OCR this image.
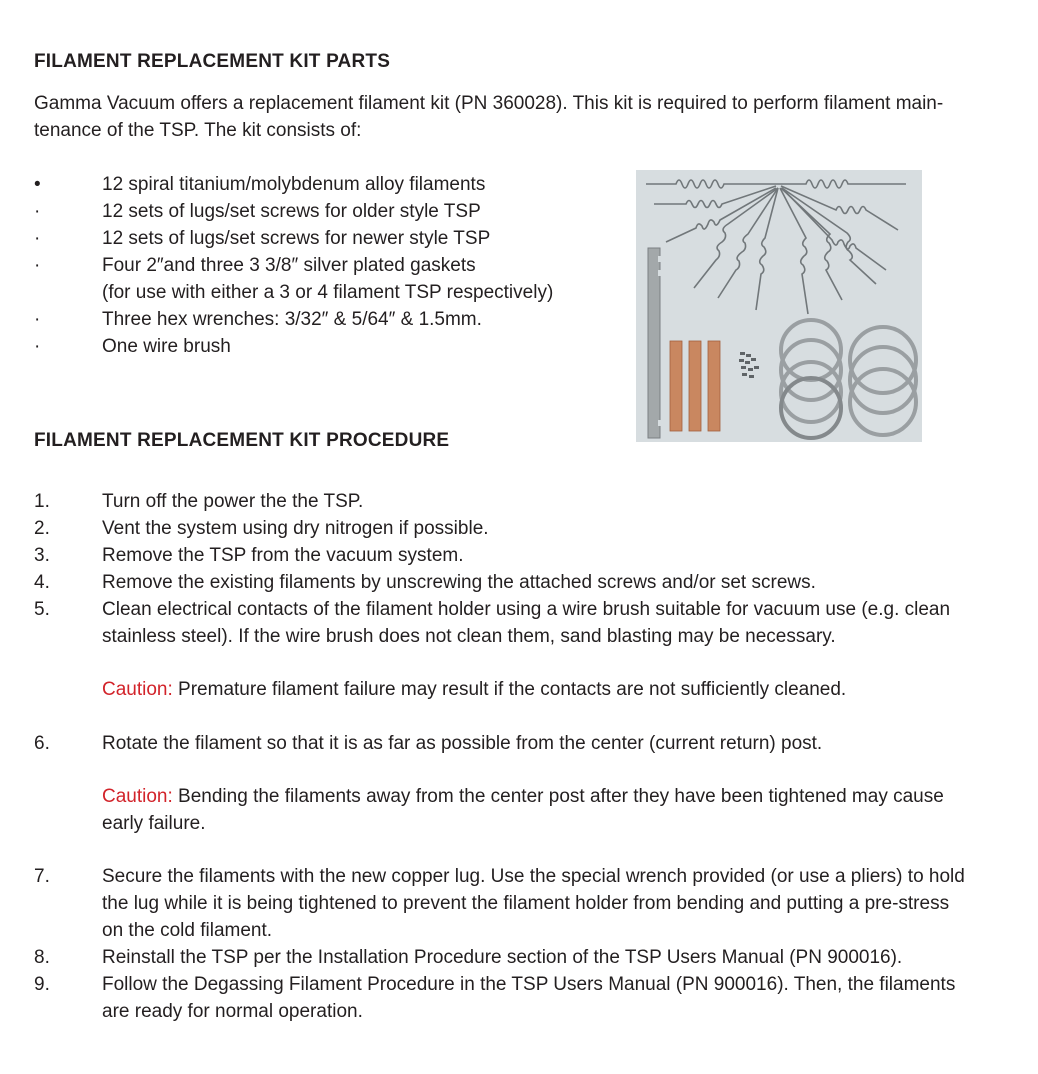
FILAMENT REPLACEMENT KIT PARTS
Gamma Vacuum offers a replacement filament kit (PN 360028). This kit is required to perform filament main-
tenance of the TSP. The kit consists of:
•	12 spiral titanium/molybdenum alloy filaments
·	12 sets of lugs/set screws for older style TSP
·	12 sets of lugs/set screws for newer style TSP
·	Four 2″and three 3 3/8″ silver plated gaskets
(for use with either a 3 or 4 filament TSP respectively)
·	Three hex wrenches: 3/32″ & 5/64″ & 1.5mm.
·	One wire brush
FILAMENT REPLACEMENT KIT PROCEDURE
1.	Turn off the power the the TSP.
2.	Vent the system using dry nitrogen if possible.
3.	Remove the TSP from the vacuum system.
4.	Remove the existing filaments by unscrewing the attached screws and/or set screws.
5.	Clean electrical contacts of the filament holder using a wire brush suitable for vacuum use (e.g. clean
stainless steel). If the wire brush does not clean them, sand blasting may be necessary.
Caution: Premature filament failure may result if the contacts are not sufficiently cleaned.
6.	Rotate the filament so that it is as far as possible from the center (current return) post.
Caution: Bending the filaments away from the center post after they have been tightened may cause
early failure.
7.	Secure the filaments with the new copper lug. Use the special wrench provided (or use a pliers) to hold
the lug while it is being tightened to prevent the filament holder from bending and putting a pre-stress
on the cold filament.
8.	Reinstall the TSP per the Installation Procedure section of the TSP Users Manual (PN 900016).
9.	Follow the Degassing Filament Procedure in the TSP Users Manual (PN 900016). Then, the filaments
are ready for normal operation.
